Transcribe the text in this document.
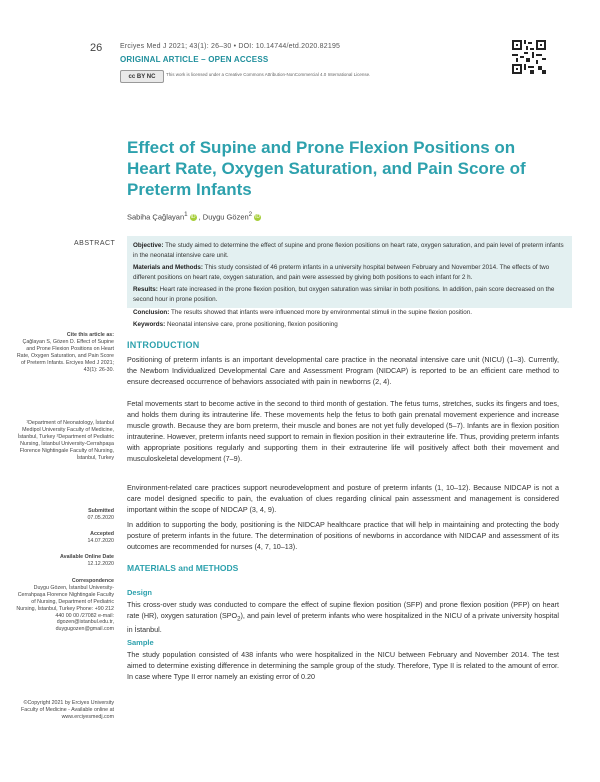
26	Erciyes Med J 2021; 43(1): 26–30 • DOI: 10.14744/etd.2020.82195
ORIGINAL ARTICLE – OPEN ACCESS
cc BY NC This work is licensed under a Creative Commons Attribution-NonCommercial 4.0 International License.
Effect of Supine and Prone Flexion Positions on Heart Rate, Oxygen Saturation, and Pain Score of Preterm Infants
Sabiha Çağlayan$^1$ iD , Duygu Gözen$^2$ iD
ABSTRACT	Objective: The study aimed to determine the effect of supine and prone flexion positions on heart rate, oxygen saturation, and pain level of preterm infants in the neonatal intensive care unit.

Materials and Methods: This study consisted of 46 preterm infants in a university hospital between February and November 2014. The effects of two different positions on heart rate, oxygen saturation, and pain were assessed by giving both positions to each infant for 2 h.

Results: Heart rate increased in the prone flexion position, but oxygen saturation was similar in both positions. In addition, pain score decreased on the second hour in prone position.

Conclusion: The results showed that infants were influenced more by environmental stimuli in the supine flexion position.

Keywords: Neonatal intensive care, prone positioning, flexion positioning

Cite this article as:
Çağlayan S, Gözen D. Effect of Supine and Prone Flexion Positions on Heart Rate, Oxygen Saturation, and Pain Score of Preterm Infants. Erciyes Med J 2021; 43(1): 26-30.
¹Department of Neonatology, İstanbul Medipol University Faculty of Medicine, İstanbul, Turkey ²Department of Pediatric Nursing, İstanbul University-Cerrahpaşa Florence Nightingale Faculty of Nursing, İstanbul, Turkey
Submitted
07.05.2020
Accepted
14.07.2020
Available Online Date
12.12.2020
Correspondence
Duygu Gözen, İstanbul University-Cerrahpaşa Florence Nightingale Faculty of Nursing, Department of Pediatric Nursing, İstanbul, Turkey Phone: +90 212 440 00 00 /27082 e-mail: dgozen@istanbul.edu.tr, duygugozen@gmail.com
©Copyright 2021 by Erciyes University Faculty of Medicine - Available online at www.erciyesmedj.com
INTRODUCTION

Positioning of preterm infants is an important developmental care practice in the neonatal intensive care unit (NICU) (1–3). Currently, the Newborn Individualized Developmental Care and Assessment Program (NIDCAP) is reported to be an efficient care method to ensure decreased occurrence of behaviors associated with pain in newborns (2, 4).

Fetal movements start to become active in the second to third month of gestation. The fetus turns, stretches, sucks its fingers and toes, and holds them during its intrauterine life. These movements help the fetus to both gain prenatal movement experience and increase muscle growth. Because they are born preterm, their muscle and bones are not yet fully developed (5–7). Infants are in flexion position intrauterine. However, preterm infants need support to remain in flexion position in their extrauterine life. Thus, providing preterm infants with appropriate positions regularly and supporting them in their extrauterine life will positively affect both their movement and musculoskeletal development (7–9).

Environment-related care practices support neurodevelopment and posture of preterm infants (1, 10–12). Because NIDCAP is not a care model designed specific to pain, the evaluation of clues regarding clinical pain assessment and management is considered important within the scope of NIDCAP (3, 4, 9).

In addition to supporting the body, positioning is the NIDCAP healthcare practice that will help in maintaining and protecting the body posture of preterm infants in the future. The determination of positions of newborns in accordance with NIDCAP and assessment of its outcomes are recommended for nurses (4, 7, 10–13).

MATERIALS and METHODS
Design

This cross-over study was conducted to compare the effect of supine flexion position (SFP) and prone flexion position (PFP) on heart rate (HR), oxygen saturation $(SPO_2)$, and pain level of preterm infants who were hospitalized in the NICU of a private university hospital in İstanbul.

Sample

The study population consisted of 438 infants who were hospitalized in the NICU between February and November 2014. The test aimed to determine existing difference in determining the sample group of the study. Therefore, Type II is related to the amount of error. In case where Type II error namely an existing error of 0.20
